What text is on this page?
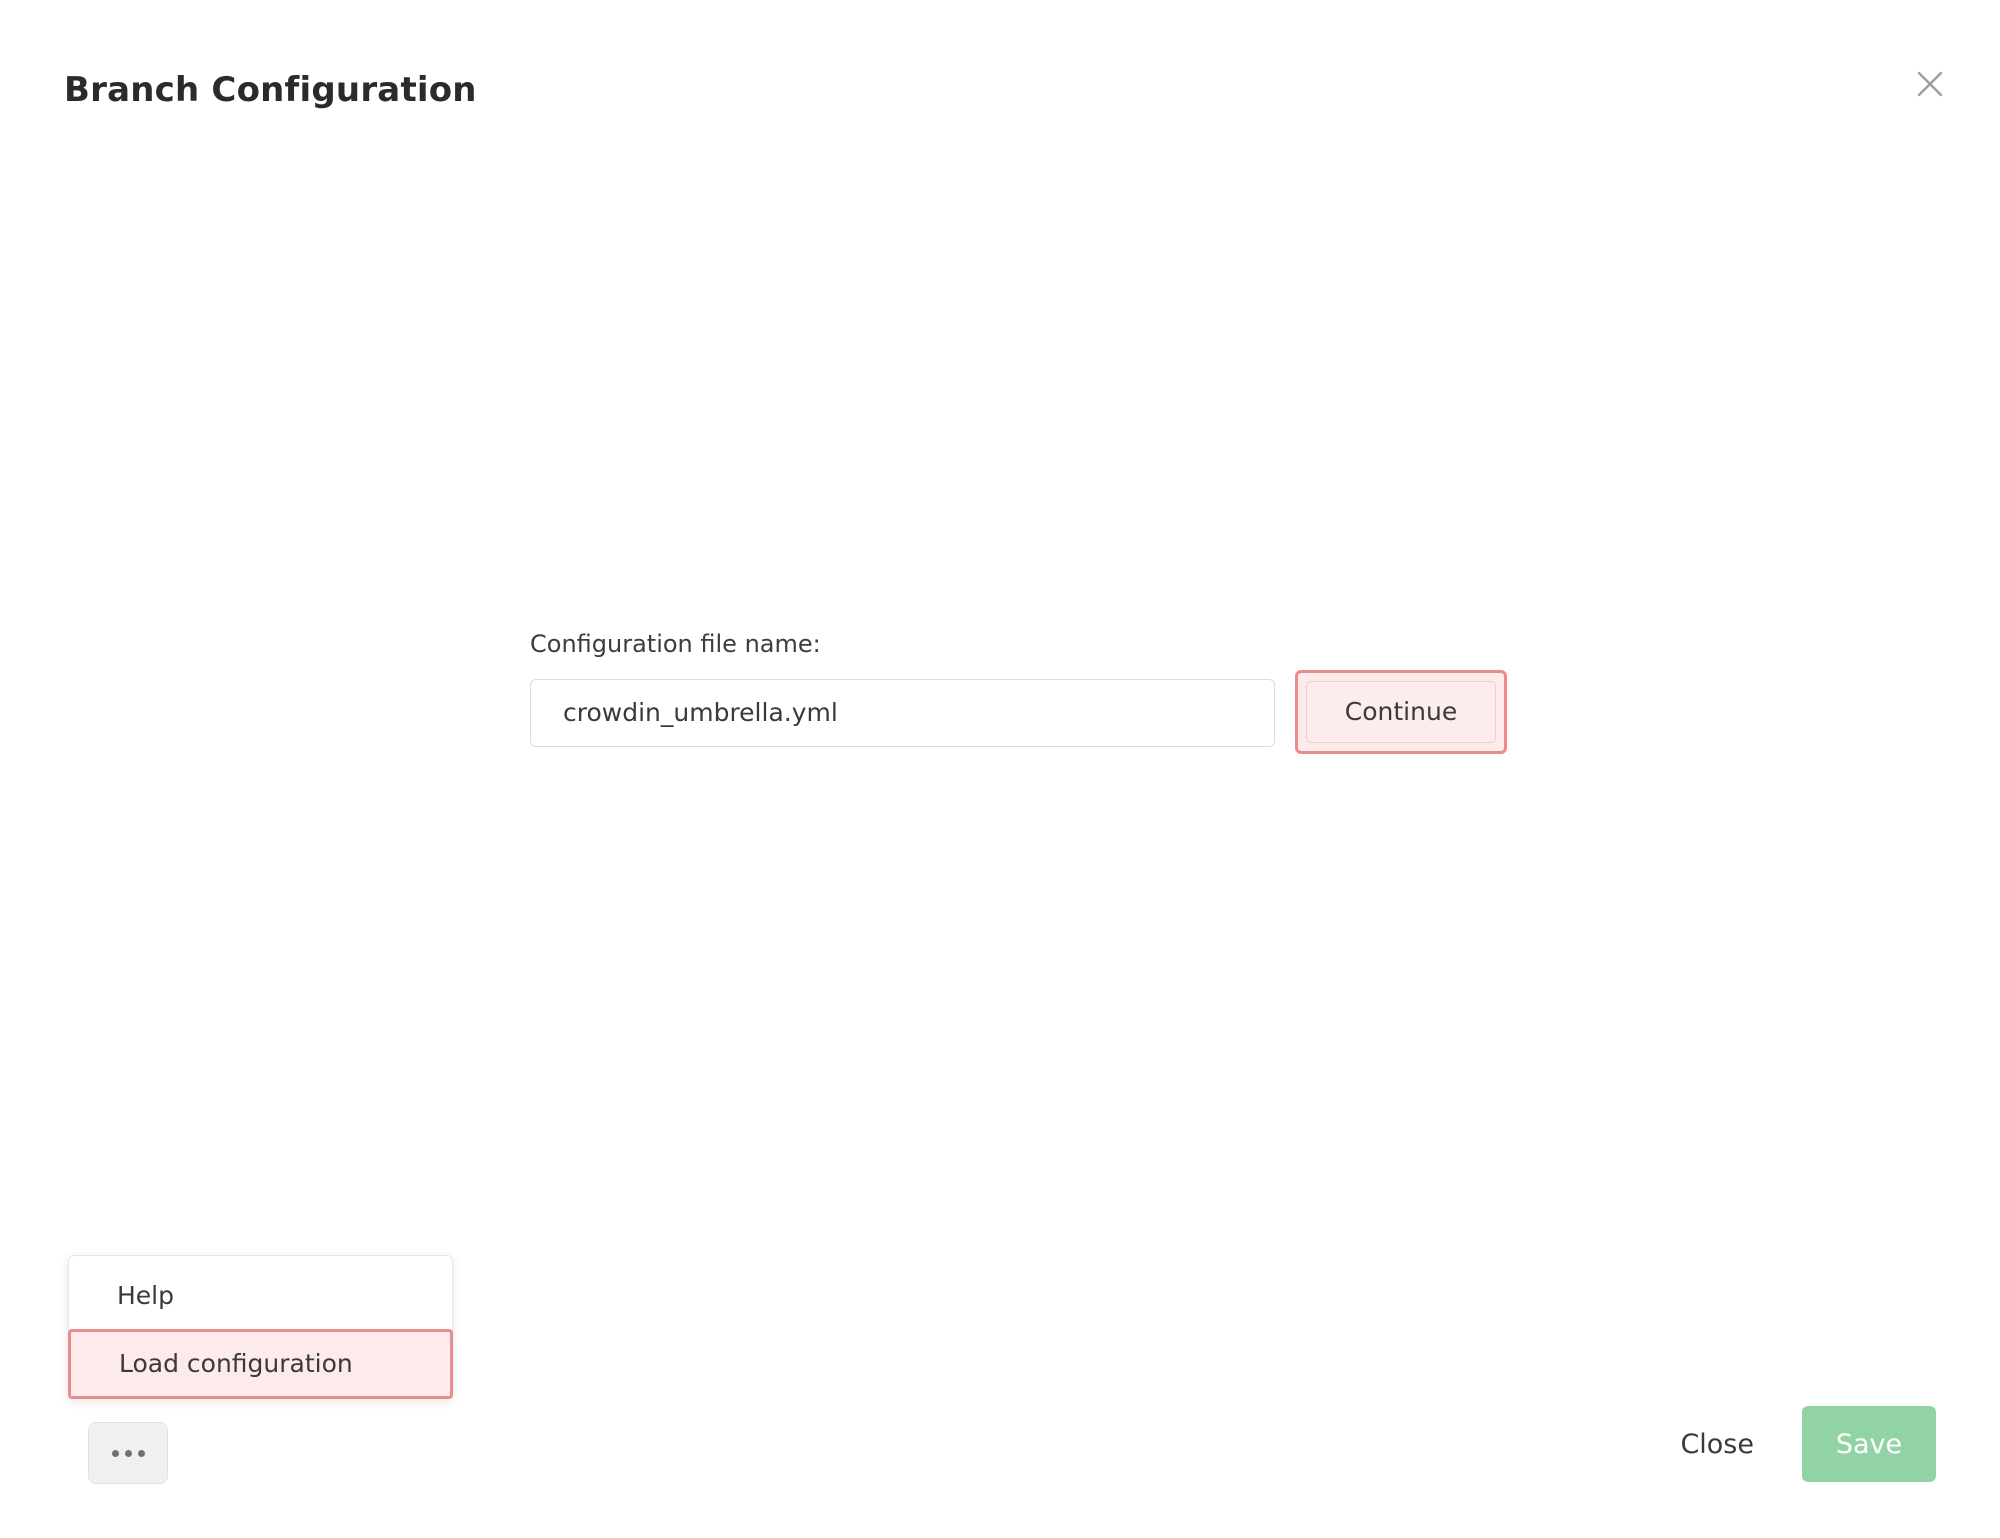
Branch Configuration
Configuration file name:
crowdin_umbrella.yml
Continue
Help
Load configuration
Close	Save
